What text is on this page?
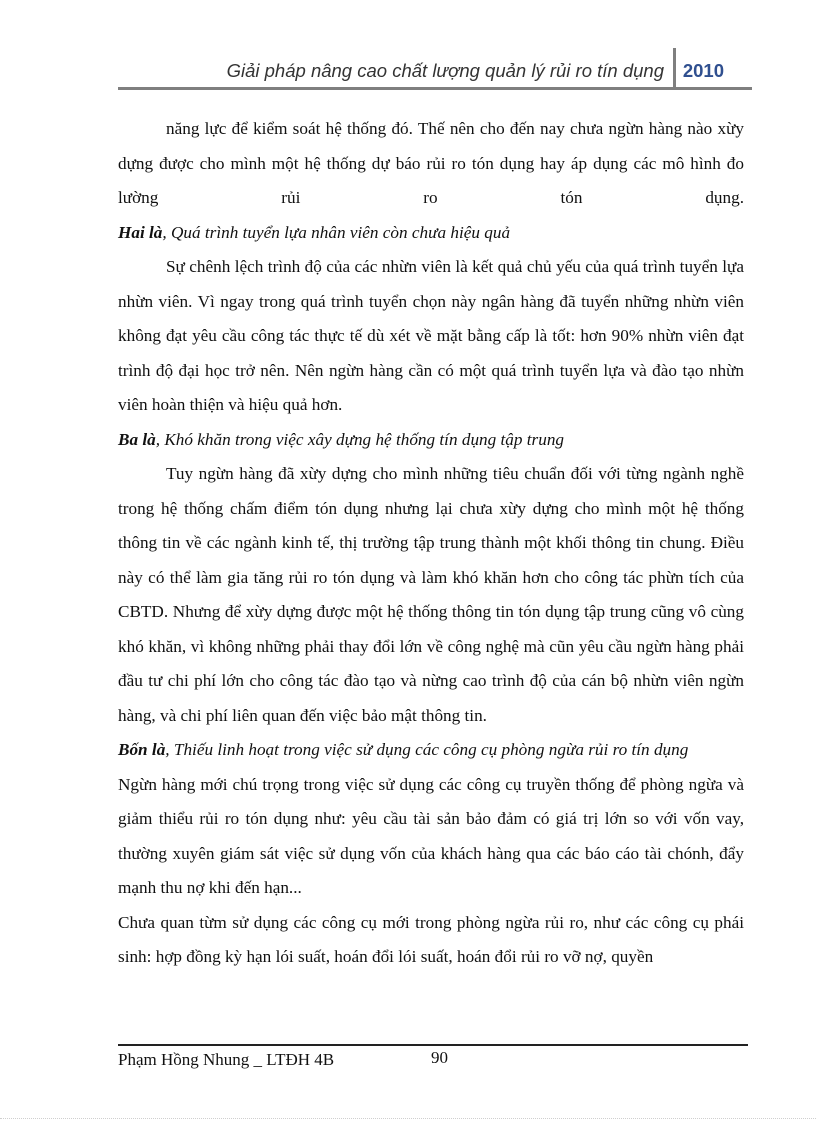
Giải pháp nâng cao chất lượng quản lý rủi ro tín dụng 2010

năng lực để kiểm soát hệ thống đó. Thế nên cho đến nay chưa ngừn hàng nào xừy dựng được cho mình một hệ thống dự báo rủi ro tón dụng hay áp dụng các mô hình đo lường rủi ro tón dụng.

Hai là, Quá trình tuyển lựa nhân viên còn chưa hiệu quả

Sự chênh lệch trình độ của các nhừn viên là kết quả chủ yếu của quá trình tuyển lựa nhừn viên. Vì ngay trong quá trình tuyển chọn này ngân hàng đã tuyển những nhừn viên không đạt yêu cầu công tác thực tế dù xét về mặt bằng cấp là tốt: hơn 90% nhừn viên đạt trình độ đại học trở nên. Nên ngừn hàng cần có một quá trình tuyển lựa và đào tạo nhừn viên hoàn thiện và hiệu quả hơn.

Ba là, Khó khăn trong việc xây dựng hệ thống tín dụng tập trung

Tuy ngừn hàng đã xừy dựng cho mình những tiêu chuẩn đối với từng ngành nghề trong hệ thống chấm điểm tón dụng nhưng lại chưa xừy dựng cho mình một hệ thống thông tin về các ngành kinh tế, thị trường tập trung thành một khối thông tin chung. Điều này có thể làm gia tăng rủi ro tón dụng và làm khó khăn hơn cho công tác phừn tích của CBTD. Nhưng để xừy dựng được một hệ thống thông tin tón dụng tập trung cũng vô cùng khó khăn, vì không những phải thay đổi lớn về công nghệ mà cũn yêu cầu ngừn hàng phải đầu tư chi phí lớn cho công tác đào tạo và nừng cao trình độ của cán bộ nhừn viên ngừn hàng, và chi phí liên quan đến việc bảo mật thông tin.

Bốn là, Thiếu linh hoạt trong việc sử dụng các công cụ phòng ngừa rủi ro tín dụng

Ngừn hàng mới chú trọng trong việc sử dụng các công cụ truyền thống để phòng ngừa và giảm thiểu rủi ro tón dụng như: yêu cầu tài sản bảo đảm có giá trị lớn so với vốn vay, thường xuyên giám sát việc sử dụng vốn của khách hàng qua các báo cáo tài chónh, đẩy mạnh thu nợ khi đến hạn...

Chưa quan từm sử dụng các công cụ mới trong phòng ngừa rủi ro, như các công cụ phái sinh: hợp đồng kỳ hạn lói suất, hoán đổi lói suất, hoán đổi rủi ro vỡ nợ, quyền

Phạm Hồng Nhung _ LTĐH 4B	90
